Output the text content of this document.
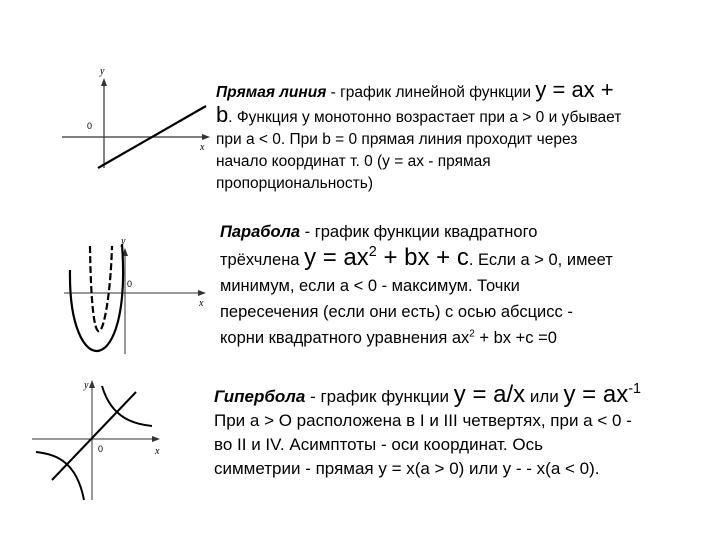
y
x
0
y
x
0
y
x
0
Прямая линия - график линейной функции y = ax +
b. Функция y монотонно возрастает при a > 0 и убывает
при a < 0. При b = 0 прямая линия проходит через
начало координат т. 0 (y = ax - прямая
пропорциональность)
Парабола - график функции квадратного
трёхчлена $y = ax^2$ + bx + c. Если a > 0, имеет
минимум, если a < 0 - максимум. Точки
пересечения (если они есть) с осью абсцисс -
корни квадратного уравнения $ax^2$ + bx +c =0
Гипербола - график функции y = a/x или $y = ax^{-1}$
При a > O расположена в I и III четвертях, при a < 0 -
во II и IV. Асимптоты - оси координат. Ось
симметрии - прямая y = x(a > 0) или y - - x(a < 0).
